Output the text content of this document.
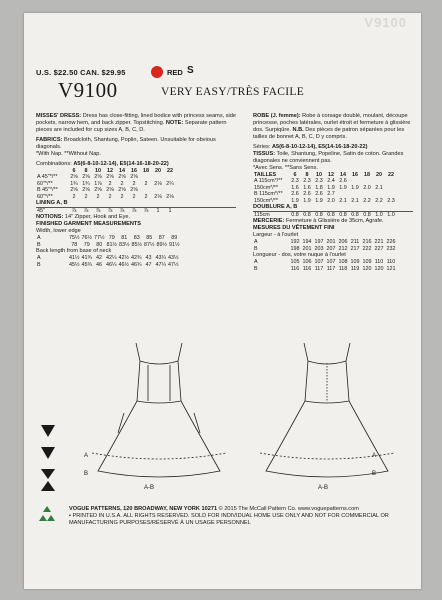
V9100
U.S. $22.50 CAN. $29.95	RED S
V9100	VERY EASY/TRÈS FACILE

MISSES' DRESS: Dress has close-fitting, lined bodice with princess seams, side pockets, narrow hem, and back zipper. Topstitching. NOTE: Separate pattern pieces are included for cup sizes A, B, C, D.

FABRICS: Broadcloth, Shantung, Poplin, Sateen. Unsuitable for obvious diagonals.

*With Nap. **Without Nap.

Combinations: A5(6-8-10-12-14), E5(14-16-18-20-22)

	6	8	10	12	14	16	18	20	22
A 45"*/**	2⅝	2⅝	2⅝	2⅝	2⅝	2⅝			
60"*/**	1¾	1¾	1⅞	2	2	2	2	2⅛	2¼
B 45"*/**	2⅝	2⅝	2⅝	2⅝	2⅝	2⅝			
60"*/**	2	2	2	2	2	2	2	2⅛	2⅛

LINING A, B

45"	⅞	⅞	⅞	⅞	⅞	⅞	⅞	1	1

NOTIONS: 14" Zipper, Hook and Eye.

FINISHED GARMENT MEASUREMENTS

Width, lower edge

A	75½	76½	77½	79	81	83	85	87	89
B	78	79	80	81½	83½	85½	87½	89½	91½

Back length from base of neck

A	41½	41¾	42	42¼	42½	42¾	43	43¼	43½
B	45½	45¾	46	46¼	46½	46¾	47	47¼	47½

ROBE (J. femme): Robe à corsage doublé, moulant, découpe princesse, poches latérales, ourlet étroit et fermeture à glissière dos. Surpiqûre. N.B. Des pièces de patron séparées pour les tailles de bonnet A, B, C, D y compris.

Séries: A5(6-8-10-12-14), E5(14-16-18-20-22)

TISSUS: Toile, Shantung, Popeline, Satin de coton. Grandes diagonales ne conviennent pas.

*Avec Sens. **Sans Sens.

TAILLES	6	8	10	12	14	16	18	20	22
A 115cm*/**	2.3	2.3	2.3	2.4	2.6				
150cm*/**	1.6	1.6	1.8	1.9	1.9	1.9	2.0	2.1	
B 115cm*/**	2.6	2.6	2.6	2.7					
150cm*/**	1.9	1.9	1.9	2.0	2.1	2.1	2.2	2.2	2.3

DOUBLURE A, B

115cm	0.8	0.8	0.8	0.8	0.8	0.8	0.8	1.0	1.0

MERCERIE: Fermeture à Glissière de 35cm, Agrafe.

MESURES DU VÊTEMENT FINI

Largeur - à l'ourlet

A	192	194	197	201	206	211	216	221	226
B	198	201	203	207	212	217	222	227	232

Longueur - dos, votre nuque à l'ourlet

A	105	106	107	107	108	109	109	110	110
B	116	116	117	117	118	119	120	120	121
A
B
A-B
A
B
A-B

VOGUE PATTERNS, 120 BROADWAY, NEW YORK 10271 © 2015 The McCall Pattern Co. www.voguepatterns.com

▪ PRINTED IN U.S.A. ALL RIGHTS RESERVED. SOLD FOR INDIVIDUAL HOME USE ONLY AND NOT FOR COMMERCIAL OR MANUFACTURING PURPOSES/RÉSERVÉ À UN USAGE PERSONNEL
